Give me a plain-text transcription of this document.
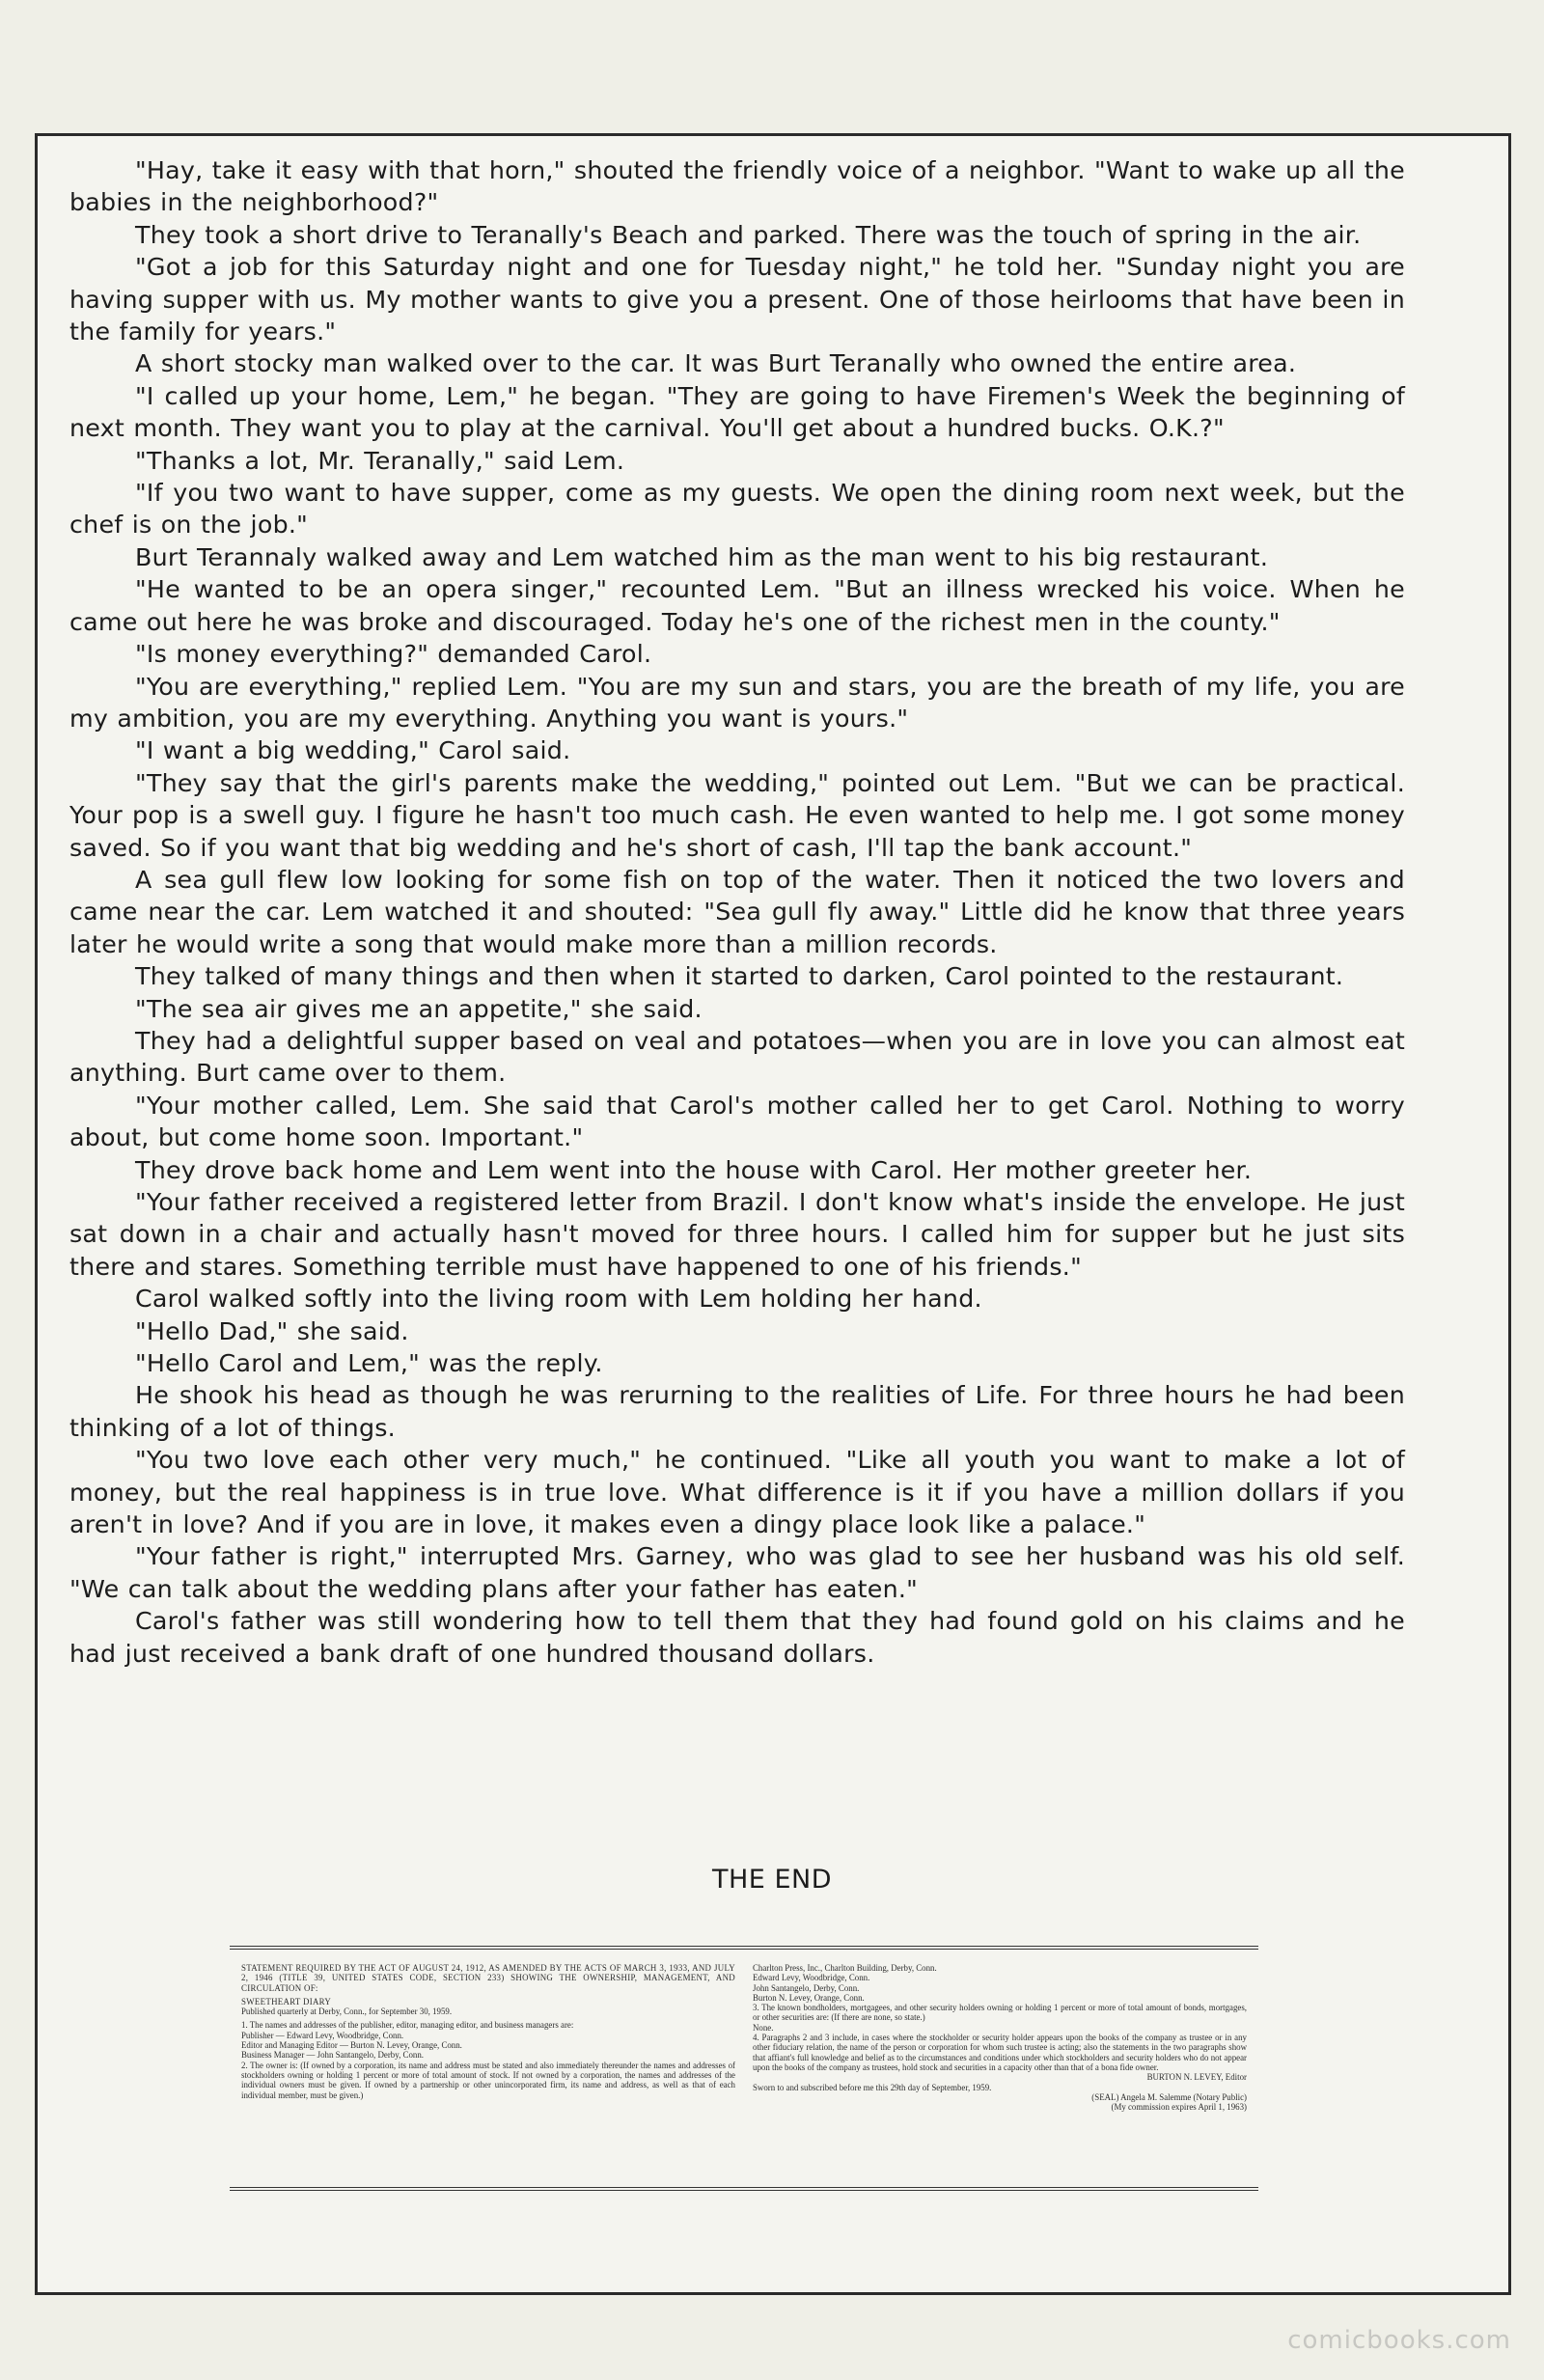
"Hay, take it easy with that horn," shouted the friendly voice of a neighbor. "Want to wake up all the babies in the neighborhood?"

They took a short drive to Teranally's Beach and parked. There was the touch of spring in the air.

"Got a job for this Saturday night and one for Tuesday night," he told her. "Sunday night you are having supper with us. My mother wants to give you a present. One of those heirlooms that have been in the family for years."

A short stocky man walked over to the car. It was Burt Teranally who owned the entire area.

"I called up your home, Lem," he began. "They are going to have Firemen's Week the beginning of next month. They want you to play at the carnival. You'll get about a hundred bucks. O.K.?"

"Thanks a lot, Mr. Teranally," said Lem.

"If you two want to have supper, come as my guests. We open the dining room next week, but the chef is on the job."

Burt Terannaly walked away and Lem watched him as the man went to his big restaurant.

"He wanted to be an opera singer," recounted Lem. "But an illness wrecked his voice. When he came out here he was broke and discouraged. Today he's one of the richest men in the county."

"Is money everything?" demanded Carol.

"You are everything," replied Lem. "You are my sun and stars, you are the breath of my life, you are my ambition, you are my everything. Anything you want is yours."

"I want a big wedding," Carol said.

"They say that the girl's parents make the wedding," pointed out Lem. "But we can be practical. Your pop is a swell guy. I figure he hasn't too much cash. He even wanted to help me. I got some money saved. So if you want that big wedding and he's short of cash, I'll tap the bank account."

A sea gull flew low looking for some fish on top of the water. Then it noticed the two lovers and came near the car. Lem watched it and shouted: "Sea gull fly away." Little did he know that three years later he would write a song that would make more than a million records.

They talked of many things and then when it started to darken, Carol pointed to the restaurant.

"The sea air gives me an appetite," she said.

They had a delightful supper based on veal and potatoes—when you are in love you can almost eat anything. Burt came over to them.

"Your mother called, Lem. She said that Carol's mother called her to get Carol. Nothing to worry about, but come home soon. Important."

They drove back home and Lem went into the house with Carol. Her mother greeter her.

"Your father received a registered letter from Brazil. I don't know what's inside the envelope. He just sat down in a chair and actually hasn't moved for three hours. I called him for supper but he just sits there and stares. Something terrible must have happened to one of his friends."

Carol walked softly into the living room with Lem holding her hand.

"Hello Dad," she said.

"Hello Carol and Lem," was the reply.

He shook his head as though he was rerurning to the realities of Life. For three hours he had been thinking of a lot of things.

"You two love each other very much," he continued. "Like all youth you want to make a lot of money, but the real happiness is in true love. What difference is it if you have a million dollars if you aren't in love? And if you are in love, it makes even a dingy place look like a palace."

"Your father is right," interrupted Mrs. Garney, who was glad to see her husband was his old self. "We can talk about the wedding plans after your father has eaten."

Carol's father was still wondering how to tell them that they had found gold on his claims and he had just received a bank draft of one hundred thousand dollars.

THE END
STATEMENT REQUIRED BY THE ACT OF AUGUST 24, 1912, AS AMENDED BY THE ACTS OF MARCH 3, 1933, AND JULY 2, 1946 (TITLE 39, UNITED STATES CODE, SECTION 233) SHOWING THE OWNERSHIP, MANAGEMENT, AND CIRCULATION OF:
SWEETHEART DIARY
Published quarterly at Derby, Conn., for September 30, 1959.
1. The names and addresses of the publisher, editor, managing editor, and business managers are:
Publisher — Edward Levy, Woodbridge, Conn.
Editor and Managing Editor — Burton N. Levey, Orange, Conn.
Business Manager — John Santangelo, Derby, Conn.
2. The owner is: (If owned by a corporation, its name and address must be stated and also immediately thereunder the names and addresses of stockholders owning or holding 1 percent or more of total amount of stock. If not owned by a corporation, the names and addresses of the individual owners must be given. If owned by a partnership or other unincorporated firm, its name and address, as well as that of each individual member, must be given.)
Charlton Press, Inc., Charlton Building, Derby, Conn.
Edward Levy, Woodbridge, Conn.
John Santangelo, Derby, Conn.
Burton N. Levey, Orange, Conn.
3. The known bondholders, mortgagees, and other security holders owning or holding 1 percent or more of total amount of bonds, mortgages, or other securities are: (If there are none, so state.)
None.
4. Paragraphs 2 and 3 include, in cases where the stockholder or security holder appears upon the books of the company as trustee or in any other fiduciary relation, the name of the person or corporation for whom such trustee is acting; also the statements in the two paragraphs show that affiant's full knowledge and belief as to the circumstances and conditions under which stockholders and security holders who do not appear upon the books of the company as trustees, hold stock and securities in a capacity other than that of a bona fide owner.
BURTON N. LEVEY, Editor
Sworn to and subscribed before me this 29th day of September, 1959.
(SEAL) Angela M. Salemme (Notary Public)
(My commission expires April 1, 1963)
comicbooks.com
